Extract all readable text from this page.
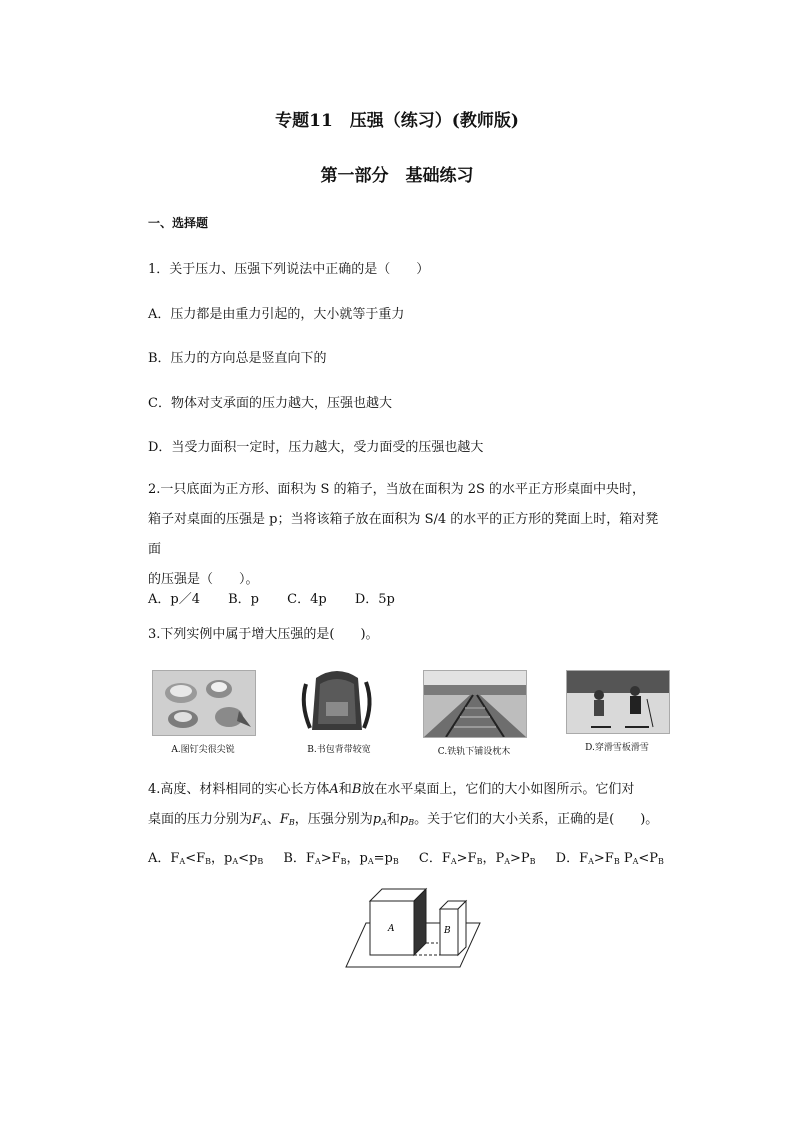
专题11　压强（练习）(教师版)
第一部分　基础练习
一、选择题
1．关于压力、压强下列说法中正确的是（　　）
A．压力都是由重力引起的，大小就等于重力
B．压力的方向总是竖直向下的
C．物体对支承面的压力越大，压强也越大
D．当受力面积一定时，压力越大，受力面受的压强也越大
2.一只底面为正方形、面积为 S 的箱子，当放在面积为 2S 的水平正方形桌面中央时，
箱子对桌面的压强是 p；当将该箱子放在面积为 S/4 的水平的正方形的凳面上时，箱对凳面
的压强是（　　）。
A．p／4 B．p C．4p D．5p
3.下列实例中属于增大压强的是(　　)。
A.图钉尖很尖锐	B.书包背带较宽	C.铁轨下铺设枕木	D.穿滑雪板滑雪
4.高度、材料相同的实心长方体A和B放在水平桌面上，它们的大小如图所示。它们对
桌面的压力分别为$F_A$、$F_B$，压强分别为$p_A$和$p_B$。关于它们的大小关系，正确的是(　　)。
A．$F_A<F_B$，$p_A<p_B$ B．$F_A>F_B$，$p_A=p_B$ C．$F_A>F_B$，$P_A>P_B$ D．$F_A>F_B$ $P_A<P_B$
A	B
